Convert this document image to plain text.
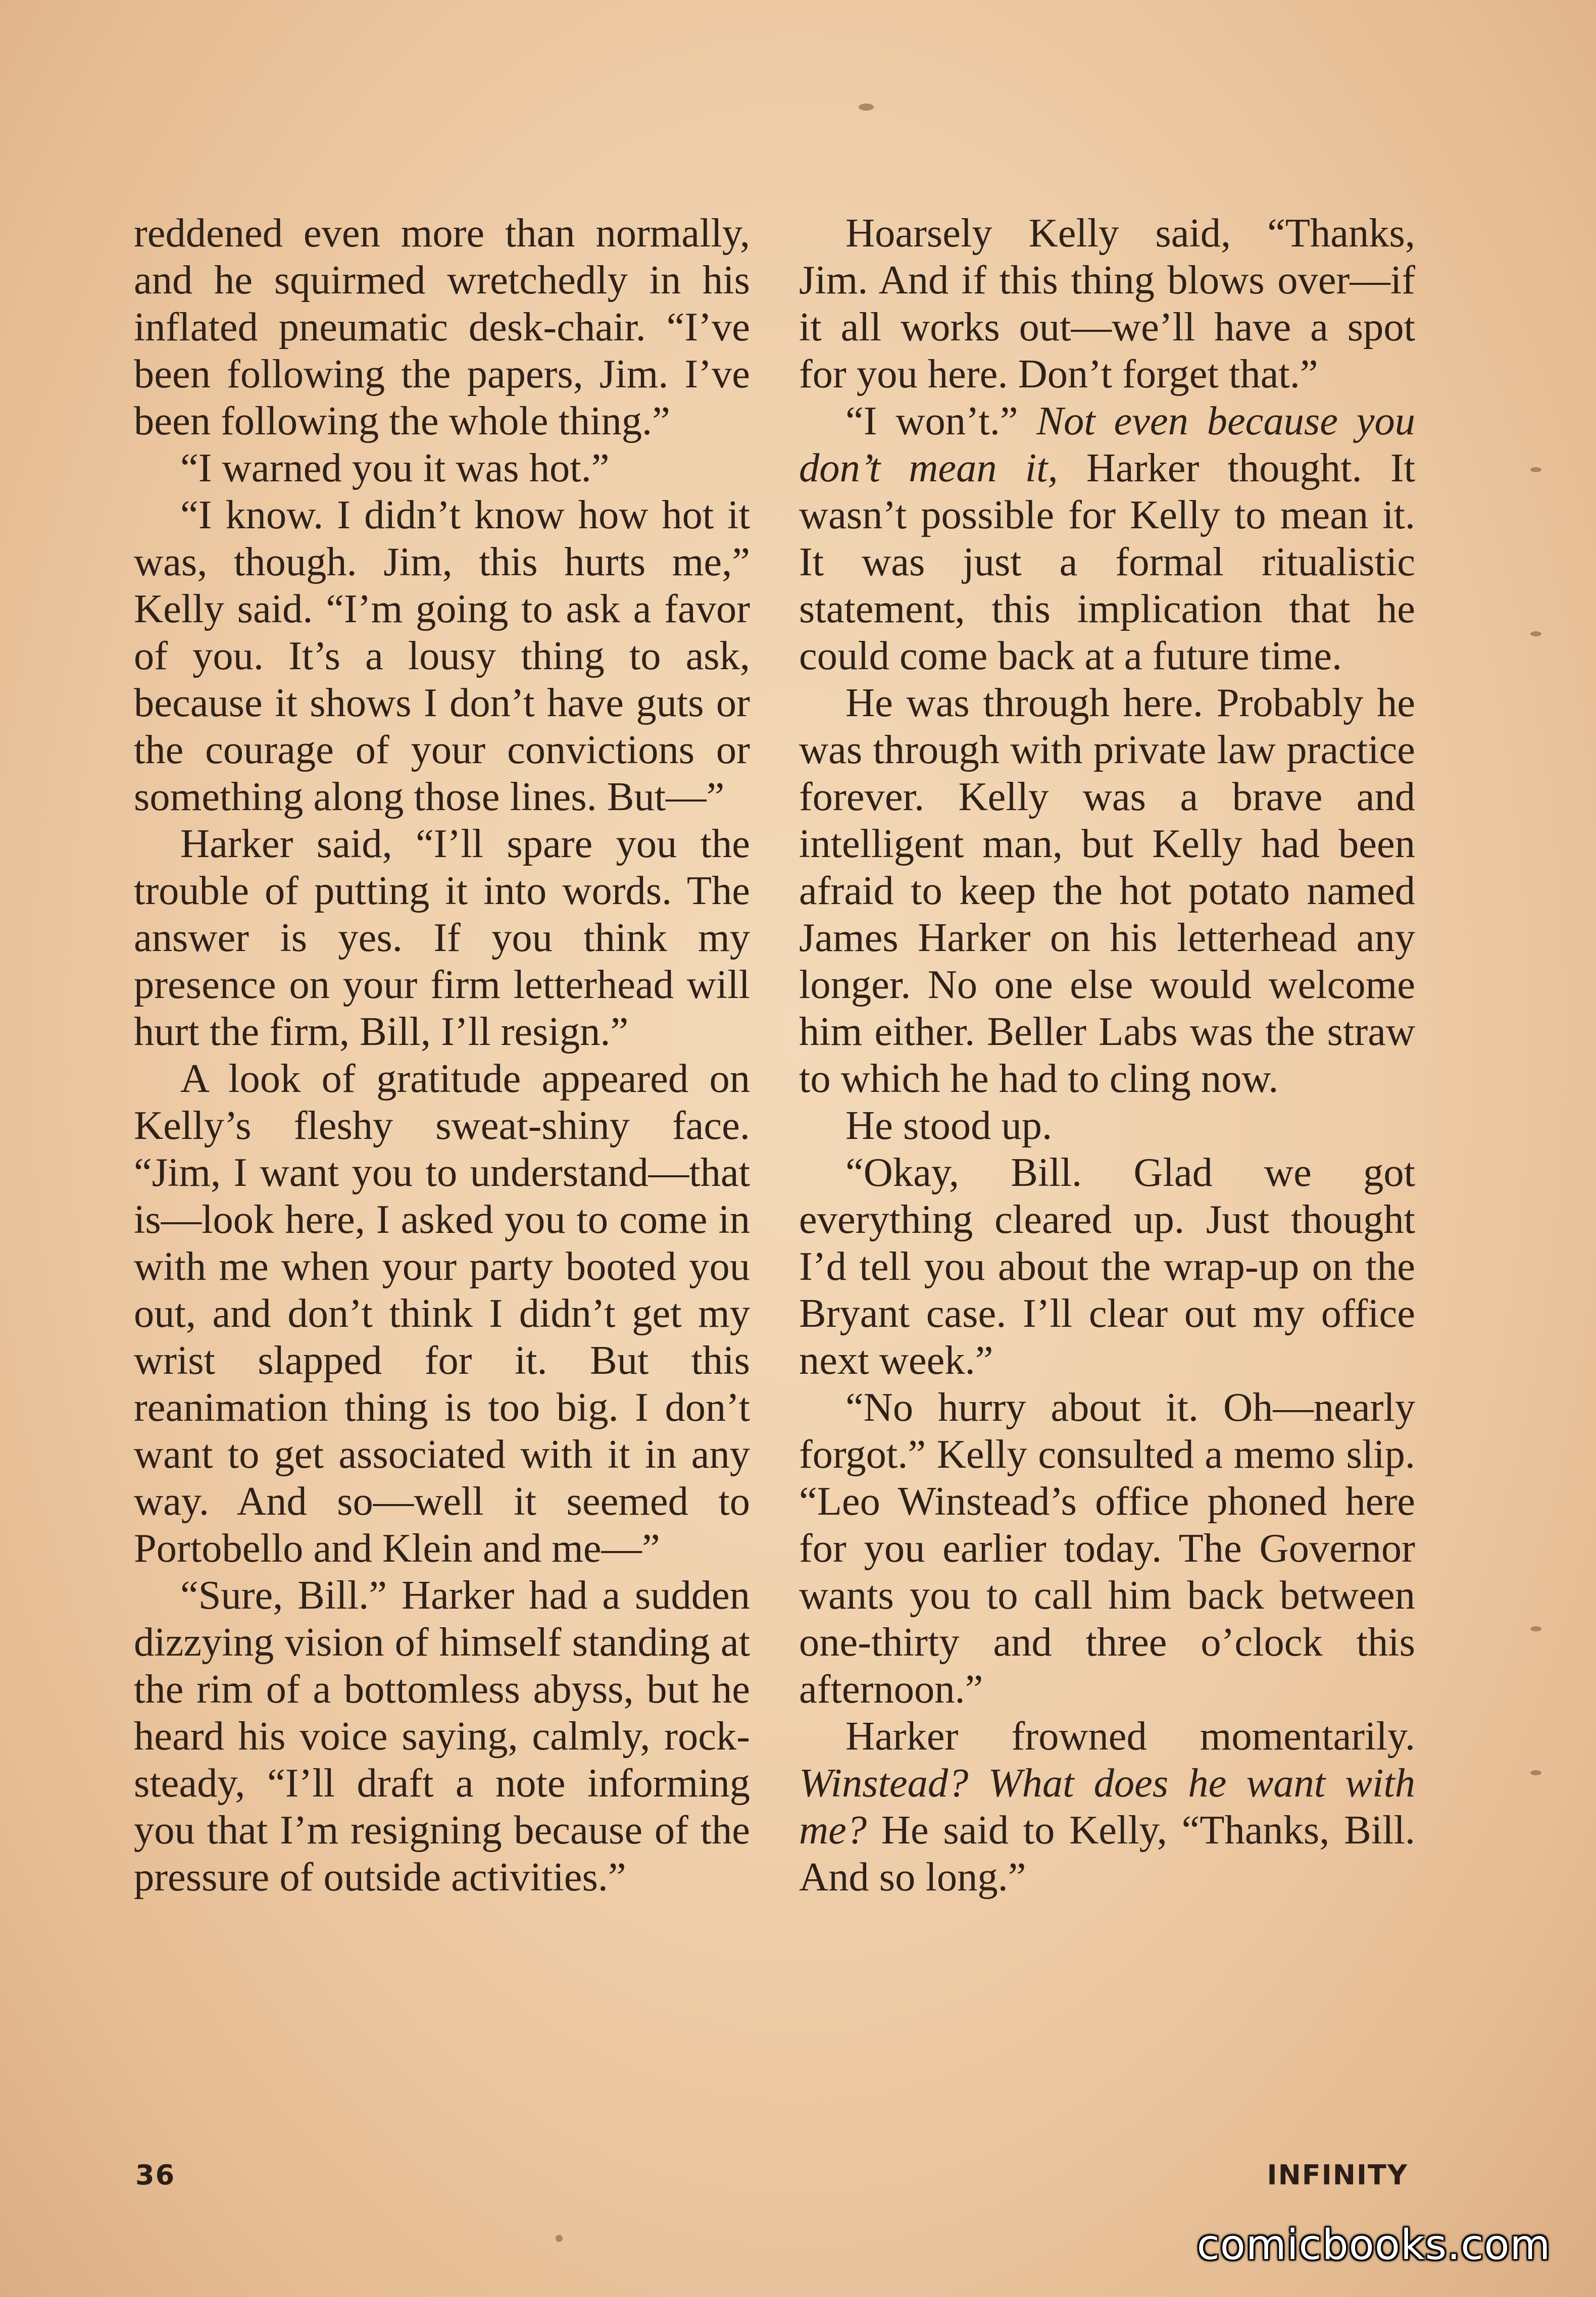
reddened even more than normally, and he squirmed wretchedly in his inflated pneumatic desk-chair. “I’ve been following the papers, Jim. I’ve been following the whole thing.”

“I warned you it was hot.”

“I know. I didn’t know how hot it was, though. Jim, this hurts me,” Kelly said. “I’m going to ask a favor of you. It’s a lousy thing to ask, because it shows I don’t have guts or the courage of your convictions or something along those lines. But—”

Harker said, “I’ll spare you the trouble of putting it into words. The answer is yes. If you think my presence on your firm letterhead will hurt the firm, Bill, I’ll resign.”

A look of gratitude appeared on Kelly’s fleshy sweat-shiny face. “Jim, I want you to understand—that is—look here, I asked you to come in with me when your party booted you out, and don’t think I didn’t get my wrist slapped for it. But this reanimation thing is too big. I don’t want to get associated with it in any way. And so—well it seemed to Portobello and Klein and me—”

“Sure, Bill.” Harker had a sudden dizzying vision of himself standing at the rim of a bottomless abyss, but he heard his voice saying, calmly, rock-steady, “I’ll draft a note informing you that I’m resigning because of the pressure of outside activities.”

Hoarsely Kelly said, “Thanks, Jim. And if this thing blows over—if it all works out—we’ll have a spot for you here. Don’t forget that.”

“I won’t.” Not even because you don’t mean it, Harker thought. It wasn’t possible for Kelly to mean it. It was just a formal ritualistic statement, this implication that he could come back at a future time.

He was through here. Probably he was through with private law practice forever. Kelly was a brave and intelligent man, but Kelly had been afraid to keep the hot potato named James Harker on his letterhead any longer. No one else would welcome him either. Beller Labs was the straw to which he had to cling now.

He stood up.

“Okay, Bill. Glad we got everything cleared up. Just thought I’d tell you about the wrap-up on the Bryant case. I’ll clear out my office next week.”

“No hurry about it. Oh—nearly forgot.” Kelly consulted a memo slip. “Leo Winstead’s office phoned here for you earlier today. The Governor wants you to call him back between one-thirty and three o’clock this afternoon.”

Harker frowned momentarily. Winstead? What does he want with me? He said to Kelly, “Thanks, Bill. And so long.”

36	INFINITY
comicbooks.com
